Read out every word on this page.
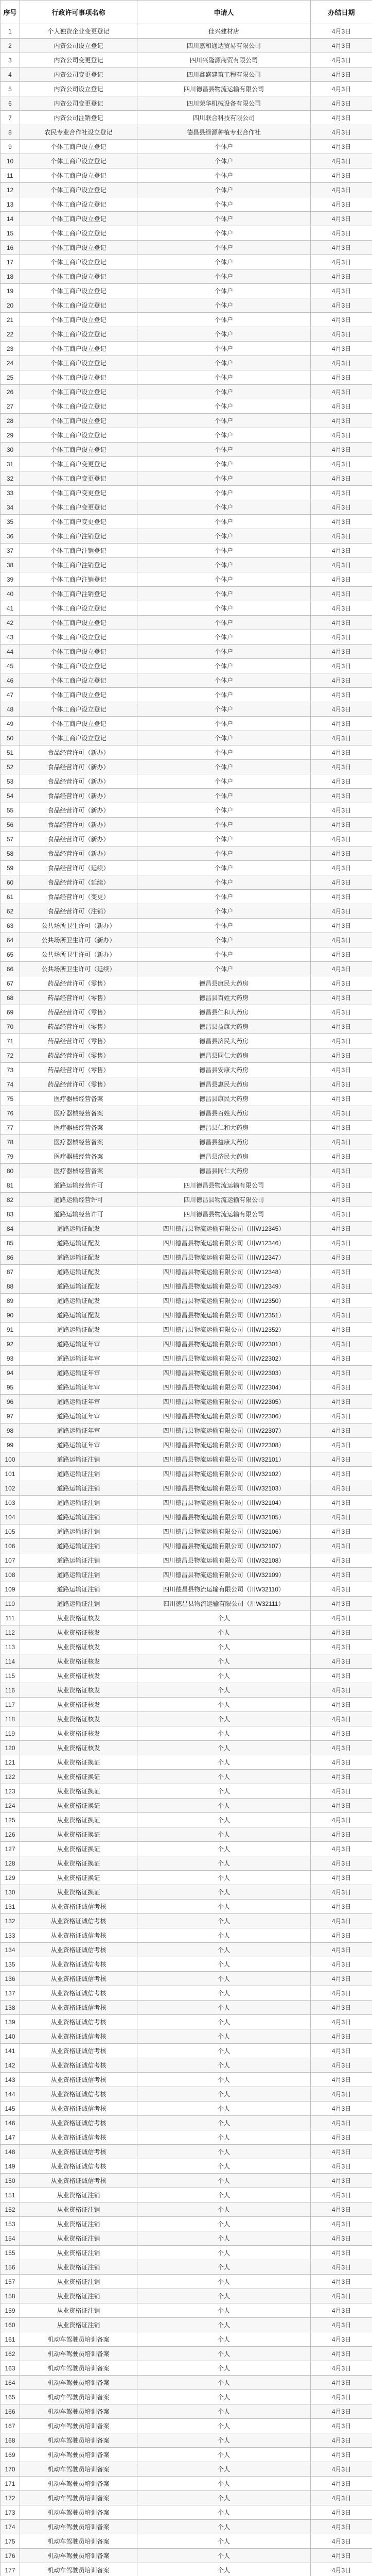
序号	行政许可事项名称	申请人	办结日期
1	个人独资企业变更登记	佳兴建材店	4月3日
2	内资公司设立登记	四川嘉和通达贸易有限公司	4月3日
3	内资公司变更登记	四川兴隆源商贸有限公司	4月3日
4	内资公司变更登记	四川鑫盛建筑工程有限公司	4月3日
5	内资公司设立登记	四川德昌县物流运输有限公司	4月3日
6	内资公司变更登记	四川荣华机械设备有限公司	4月3日
7	内资公司注销登记	四川联合科技有限公司	4月3日
8	农民专业合作社设立登记	德昌县绿源种植专业合作社	4月3日
9	个体工商户设立登记	个体户	4月3日
10	个体工商户设立登记	个体户	4月3日
11	个体工商户设立登记	个体户	4月3日
12	个体工商户设立登记	个体户	4月3日
13	个体工商户设立登记	个体户	4月3日
14	个体工商户设立登记	个体户	4月3日
15	个体工商户设立登记	个体户	4月3日
16	个体工商户设立登记	个体户	4月3日
17	个体工商户设立登记	个体户	4月3日
18	个体工商户设立登记	个体户	4月3日
19	个体工商户设立登记	个体户	4月3日
20	个体工商户设立登记	个体户	4月3日
21	个体工商户设立登记	个体户	4月3日
22	个体工商户设立登记	个体户	4月3日
23	个体工商户设立登记	个体户	4月3日
24	个体工商户设立登记	个体户	4月3日
25	个体工商户设立登记	个体户	4月3日
26	个体工商户设立登记	个体户	4月3日
27	个体工商户设立登记	个体户	4月3日
28	个体工商户设立登记	个体户	4月3日
29	个体工商户设立登记	个体户	4月3日
30	个体工商户设立登记	个体户	4月3日
31	个体工商户变更登记	个体户	4月3日
32	个体工商户变更登记	个体户	4月3日
33	个体工商户变更登记	个体户	4月3日
34	个体工商户变更登记	个体户	4月3日
35	个体工商户变更登记	个体户	4月3日
36	个体工商户注销登记	个体户	4月3日
37	个体工商户注销登记	个体户	4月3日
38	个体工商户注销登记	个体户	4月3日
39	个体工商户注销登记	个体户	4月3日
40	个体工商户注销登记	个体户	4月3日
41	个体工商户设立登记	个体户	4月3日
42	个体工商户设立登记	个体户	4月3日
43	个体工商户设立登记	个体户	4月3日
44	个体工商户设立登记	个体户	4月3日
45	个体工商户设立登记	个体户	4月3日
46	个体工商户设立登记	个体户	4月3日
47	个体工商户设立登记	个体户	4月3日
48	个体工商户设立登记	个体户	4月3日
49	个体工商户设立登记	个体户	4月3日
50	个体工商户设立登记	个体户	4月3日
51	食品经营许可（新办）	个体户	4月3日
52	食品经营许可（新办）	个体户	4月3日
53	食品经营许可（新办）	个体户	4月3日
54	食品经营许可（新办）	个体户	4月3日
55	食品经营许可（新办）	个体户	4月3日
56	食品经营许可（新办）	个体户	4月3日
57	食品经营许可（新办）	个体户	4月3日
58	食品经营许可（新办）	个体户	4月3日
59	食品经营许可（延续）	个体户	4月3日
60	食品经营许可（延续）	个体户	4月3日
61	食品经营许可（变更）	个体户	4月3日
62	食品经营许可（注销）	个体户	4月3日
63	公共场所卫生许可（新办）	个体户	4月3日
64	公共场所卫生许可（新办）	个体户	4月3日
65	公共场所卫生许可（新办）	个体户	4月3日
66	公共场所卫生许可（延续）	个体户	4月3日
67	药品经营许可（零售）	德昌县康民大药房	4月3日
68	药品经营许可（零售）	德昌县百姓大药房	4月3日
69	药品经营许可（零售）	德昌县仁和大药房	4月3日
70	药品经营许可（零售）	德昌县益康大药房	4月3日
71	药品经营许可（零售）	德昌县济民大药房	4月3日
72	药品经营许可（零售）	德昌县同仁大药房	4月3日
73	药品经营许可（零售）	德昌县安康大药房	4月3日
74	药品经营许可（零售）	德昌县惠民大药房	4月3日
75	医疗器械经营备案	德昌县康民大药房	4月3日
76	医疗器械经营备案	德昌县百姓大药房	4月3日
77	医疗器械经营备案	德昌县仁和大药房	4月3日
78	医疗器械经营备案	德昌县益康大药房	4月3日
79	医疗器械经营备案	德昌县济民大药房	4月3日
80	医疗器械经营备案	德昌县同仁大药房	4月3日
81	道路运输经营许可	四川德昌县物流运输有限公司	4月3日
82	道路运输经营许可	四川德昌县物流运输有限公司	4月3日
83	道路运输经营许可	四川德昌县物流运输有限公司	4月3日
84	道路运输证配发	四川德昌县物流运输有限公司（川W12345）	4月3日
85	道路运输证配发	四川德昌县物流运输有限公司（川W12346）	4月3日
86	道路运输证配发	四川德昌县物流运输有限公司（川W12347）	4月3日
87	道路运输证配发	四川德昌县物流运输有限公司（川W12348）	4月3日
88	道路运输证配发	四川德昌县物流运输有限公司（川W12349）	4月3日
89	道路运输证配发	四川德昌县物流运输有限公司（川W12350）	4月3日
90	道路运输证配发	四川德昌县物流运输有限公司（川W12351）	4月3日
91	道路运输证配发	四川德昌县物流运输有限公司（川W12352）	4月3日
92	道路运输证年审	四川德昌县物流运输有限公司（川W22301）	4月3日
93	道路运输证年审	四川德昌县物流运输有限公司（川W22302）	4月3日
94	道路运输证年审	四川德昌县物流运输有限公司（川W22303）	4月3日
95	道路运输证年审	四川德昌县物流运输有限公司（川W22304）	4月3日
96	道路运输证年审	四川德昌县物流运输有限公司（川W22305）	4月3日
97	道路运输证年审	四川德昌县物流运输有限公司（川W22306）	4月3日
98	道路运输证年审	四川德昌县物流运输有限公司（川W22307）	4月3日
99	道路运输证年审	四川德昌县物流运输有限公司（川W22308）	4月3日
100	道路运输证注销	四川德昌县物流运输有限公司（川W32101）	4月3日
101	道路运输证注销	四川德昌县物流运输有限公司（川W32102）	4月3日
102	道路运输证注销	四川德昌县物流运输有限公司（川W32103）	4月3日
103	道路运输证注销	四川德昌县物流运输有限公司（川W32104）	4月3日
104	道路运输证注销	四川德昌县物流运输有限公司（川W32105）	4月3日
105	道路运输证注销	四川德昌县物流运输有限公司（川W32106）	4月3日
106	道路运输证注销	四川德昌县物流运输有限公司（川W32107）	4月3日
107	道路运输证注销	四川德昌县物流运输有限公司（川W32108）	4月3日
108	道路运输证注销	四川德昌县物流运输有限公司（川W32109）	4月3日
109	道路运输证注销	四川德昌县物流运输有限公司（川W32110）	4月3日
110	道路运输证注销	四川德昌县物流运输有限公司（川W32111）	4月3日
111	从业资格证核发	个人	4月3日
112	从业资格证核发	个人	4月3日
113	从业资格证核发	个人	4月3日
114	从业资格证核发	个人	4月3日
115	从业资格证核发	个人	4月3日
116	从业资格证核发	个人	4月3日
117	从业资格证核发	个人	4月3日
118	从业资格证核发	个人	4月3日
119	从业资格证核发	个人	4月3日
120	从业资格证核发	个人	4月3日
121	从业资格证换证	个人	4月3日
122	从业资格证换证	个人	4月3日
123	从业资格证换证	个人	4月3日
124	从业资格证换证	个人	4月3日
125	从业资格证换证	个人	4月3日
126	从业资格证换证	个人	4月3日
127	从业资格证换证	个人	4月3日
128	从业资格证换证	个人	4月3日
129	从业资格证换证	个人	4月3日
130	从业资格证换证	个人	4月3日
131	从业资格证诚信考核	个人	4月3日
132	从业资格证诚信考核	个人	4月3日
133	从业资格证诚信考核	个人	4月3日
134	从业资格证诚信考核	个人	4月3日
135	从业资格证诚信考核	个人	4月3日
136	从业资格证诚信考核	个人	4月3日
137	从业资格证诚信考核	个人	4月3日
138	从业资格证诚信考核	个人	4月3日
139	从业资格证诚信考核	个人	4月3日
140	从业资格证诚信考核	个人	4月3日
141	从业资格证诚信考核	个人	4月3日
142	从业资格证诚信考核	个人	4月3日
143	从业资格证诚信考核	个人	4月3日
144	从业资格证诚信考核	个人	4月3日
145	从业资格证诚信考核	个人	4月3日
146	从业资格证诚信考核	个人	4月3日
147	从业资格证诚信考核	个人	4月3日
148	从业资格证诚信考核	个人	4月3日
149	从业资格证诚信考核	个人	4月3日
150	从业资格证诚信考核	个人	4月3日
151	从业资格证注销	个人	4月3日
152	从业资格证注销	个人	4月3日
153	从业资格证注销	个人	4月3日
154	从业资格证注销	个人	4月3日
155	从业资格证注销	个人	4月3日
156	从业资格证注销	个人	4月3日
157	从业资格证注销	个人	4月3日
158	从业资格证注销	个人	4月3日
159	从业资格证注销	个人	4月3日
160	从业资格证注销	个人	4月3日
161	机动车驾驶员培训备案	个人	4月3日
162	机动车驾驶员培训备案	个人	4月3日
163	机动车驾驶员培训备案	个人	4月3日
164	机动车驾驶员培训备案	个人	4月3日
165	机动车驾驶员培训备案	个人	4月3日
166	机动车驾驶员培训备案	个人	4月3日
167	机动车驾驶员培训备案	个人	4月3日
168	机动车驾驶员培训备案	个人	4月3日
169	机动车驾驶员培训备案	个人	4月3日
170	机动车驾驶员培训备案	个人	4月3日
171	机动车驾驶员培训备案	个人	4月3日
172	机动车驾驶员培训备案	个人	4月3日
173	机动车驾驶员培训备案	个人	4月3日
174	机动车驾驶员培训备案	个人	4月3日
175	机动车驾驶员培训备案	个人	4月3日
176	机动车驾驶员培训备案	个人	4月3日
177	机动车驾驶员培训备案	个人	4月3日
